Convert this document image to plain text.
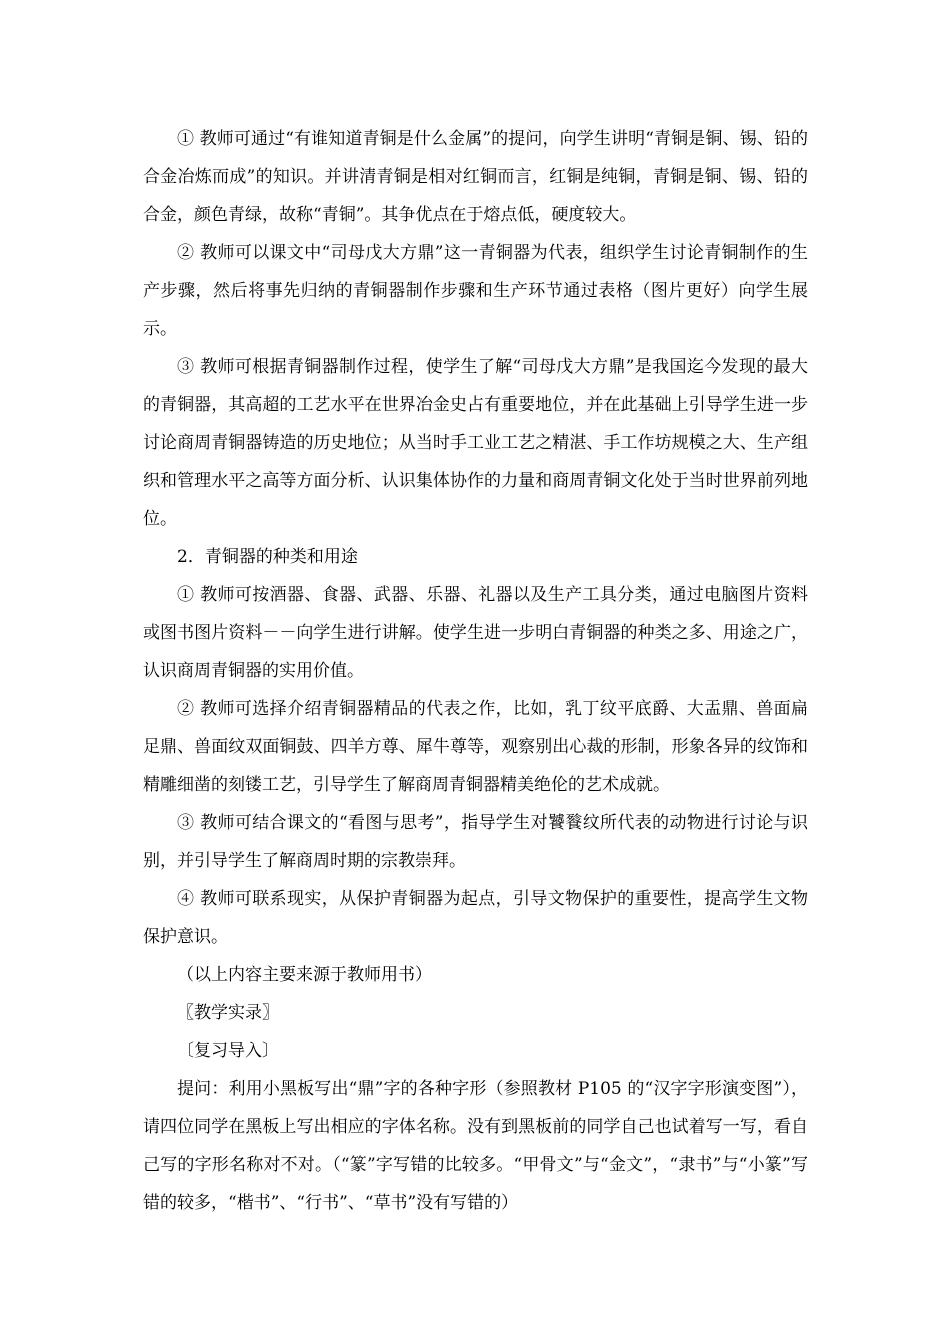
① 教师可通过“有谁知道青铜是什么金属”的提问，向学生讲明“青铜是铜、锡、铅的合金冶炼而成”的知识。并讲清青铜是相对红铜而言，红铜是纯铜，青铜是铜、锡、铅的合金，颜色青绿，故称“青铜”。其争优点在于熔点低，硬度较大。

② 教师可以课文中“司母戊大方鼎”这一青铜器为代表，组织学生讨论青铜制作的生产步骤，然后将事先归纳的青铜器制作步骤和生产环节通过表格（图片更好）向学生展示。

③ 教师可根据青铜器制作过程，使学生了解“司母戊大方鼎”是我国迄今发现的最大的青铜器，其高超的工艺水平在世界冶金史占有重要地位，并在此基础上引导学生进一步讨论商周青铜器铸造的历史地位；从当时手工业工艺之精湛、手工作坊规模之大、生产组织和管理水平之高等方面分析、认识集体协作的力量和商周青铜文化处于当时世界前列地位。

2．青铜器的种类和用途

① 教师可按酒器、食器、武器、乐器、礼器以及生产工具分类，通过电脑图片资料或图书图片资料－－向学生进行讲解。使学生进一步明白青铜器的种类之多、用途之广，认识商周青铜器的实用价值。

② 教师可选择介绍青铜器精品的代表之作，比如，乳丁纹平底爵、大盂鼎、兽面扁足鼎、兽面纹双面铜鼓、四羊方尊、犀牛尊等，观察别出心裁的形制，形象各异的纹饰和精雕细凿的刻镂工艺，引导学生了解商周青铜器精美绝伦的艺术成就。

③ 教师可结合课文的“看图与思考”，指导学生对饕餮纹所代表的动物进行讨论与识别，并引导学生了解商周时期的宗教崇拜。

④ 教师可联系现实，从保护青铜器为起点，引导文物保护的重要性，提高学生文物保护意识。

（以上内容主要来源于教师用书）

〖教学实录〗

〔复习导入〕

提问：利用小黑板写出“鼎”字的各种字形（参照教材 P105 的“汉字字形演变图”），请四位同学在黑板上写出相应的字体名称。没有到黑板前的同学自己也试着写一写，看自己写的字形名称对不对。（“篆”字写错的比较多。“甲骨文”与“金文”，“隶书”与“小篆”写错的较多，“楷书”、“行书”、“草书”没有写错的）
